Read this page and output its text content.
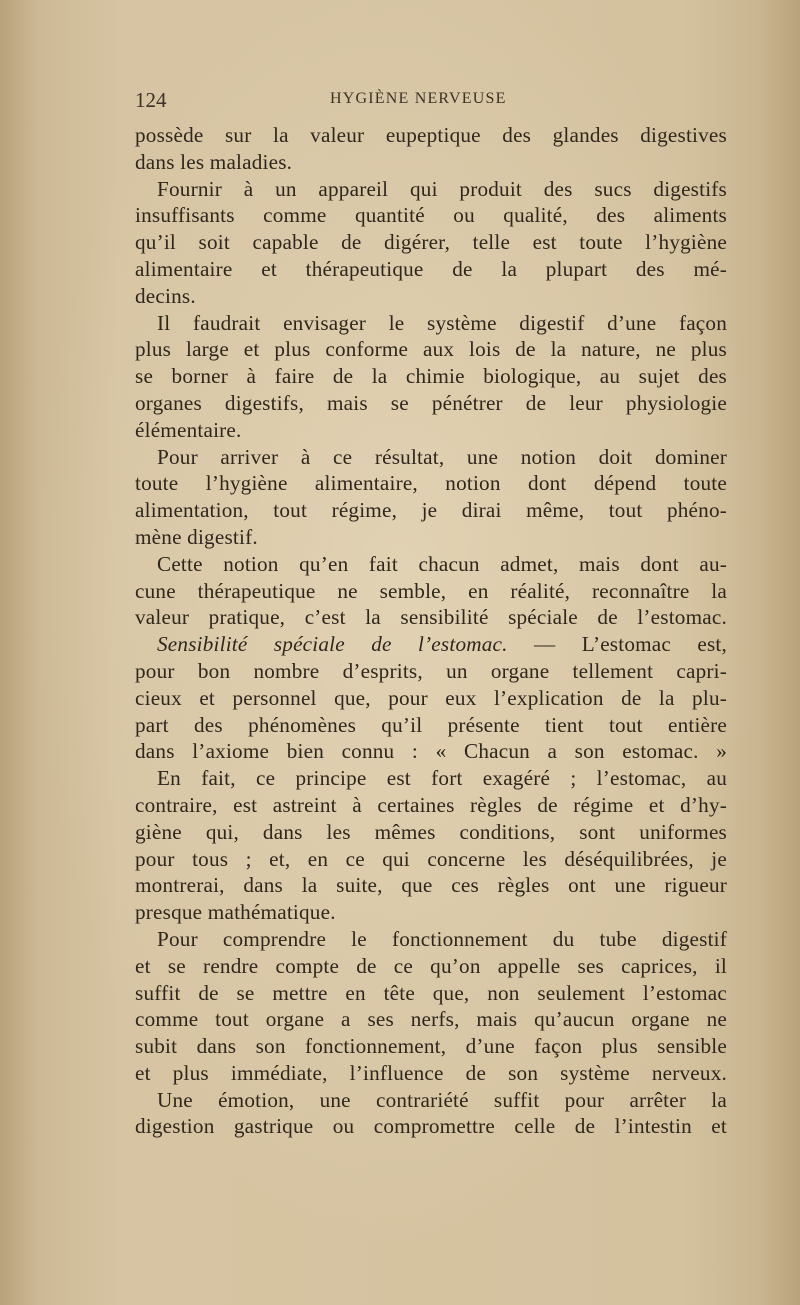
124	HYGIÈNE NERVEUSE
possède sur la valeur eupeptique des glandes digestives
dans les maladies.
Fournir à un appareil qui produit des sucs digestifs
insuffisants comme quantité ou qualité, des aliments
qu’il soit capable de digérer, telle est toute l’hygiène
alimentaire et thérapeutique de la plupart des mé-
decins.
Il faudrait envisager le système digestif d’une façon
plus large et plus conforme aux lois de la nature, ne plus
se borner à faire de la chimie biologique, au sujet des
organes digestifs, mais se pénétrer de leur physiologie
élémentaire.
Pour arriver à ce résultat, une notion doit dominer
toute l’hygiène alimentaire, notion dont dépend toute
alimentation, tout régime, je dirai même, tout phéno-
mène digestif.
Cette notion qu’en fait chacun admet, mais dont au-
cune thérapeutique ne semble, en réalité, reconnaître la
valeur pratique, c’est la sensibilité spéciale de l’estomac.
Sensibilité spéciale de l’estomac. — L’estomac est,
pour bon nombre d’esprits, un organe tellement capri-
cieux et personnel que, pour eux l’explication de la plu-
part des phénomènes qu’il présente tient tout entière
dans l’axiome bien connu : « Chacun a son estomac. »
En fait, ce principe est fort exagéré ; l’estomac, au
contraire, est astreint à certaines règles de régime et d’hy-
giène qui, dans les mêmes conditions, sont uniformes
pour tous ; et, en ce qui concerne les déséquilibrées, je
montrerai, dans la suite, que ces règles ont une rigueur
presque mathématique.
Pour comprendre le fonctionnement du tube digestif
et se rendre compte de ce qu’on appelle ses caprices, il
suffit de se mettre en tête que, non seulement l’estomac
comme tout organe a ses nerfs, mais qu’aucun organe ne
subit dans son fonctionnement, d’une façon plus sensible
et plus immédiate, l’influence de son système nerveux.
Une émotion, une contrariété suffit pour arrêter la
digestion gastrique ou compromettre celle de l’intestin et
